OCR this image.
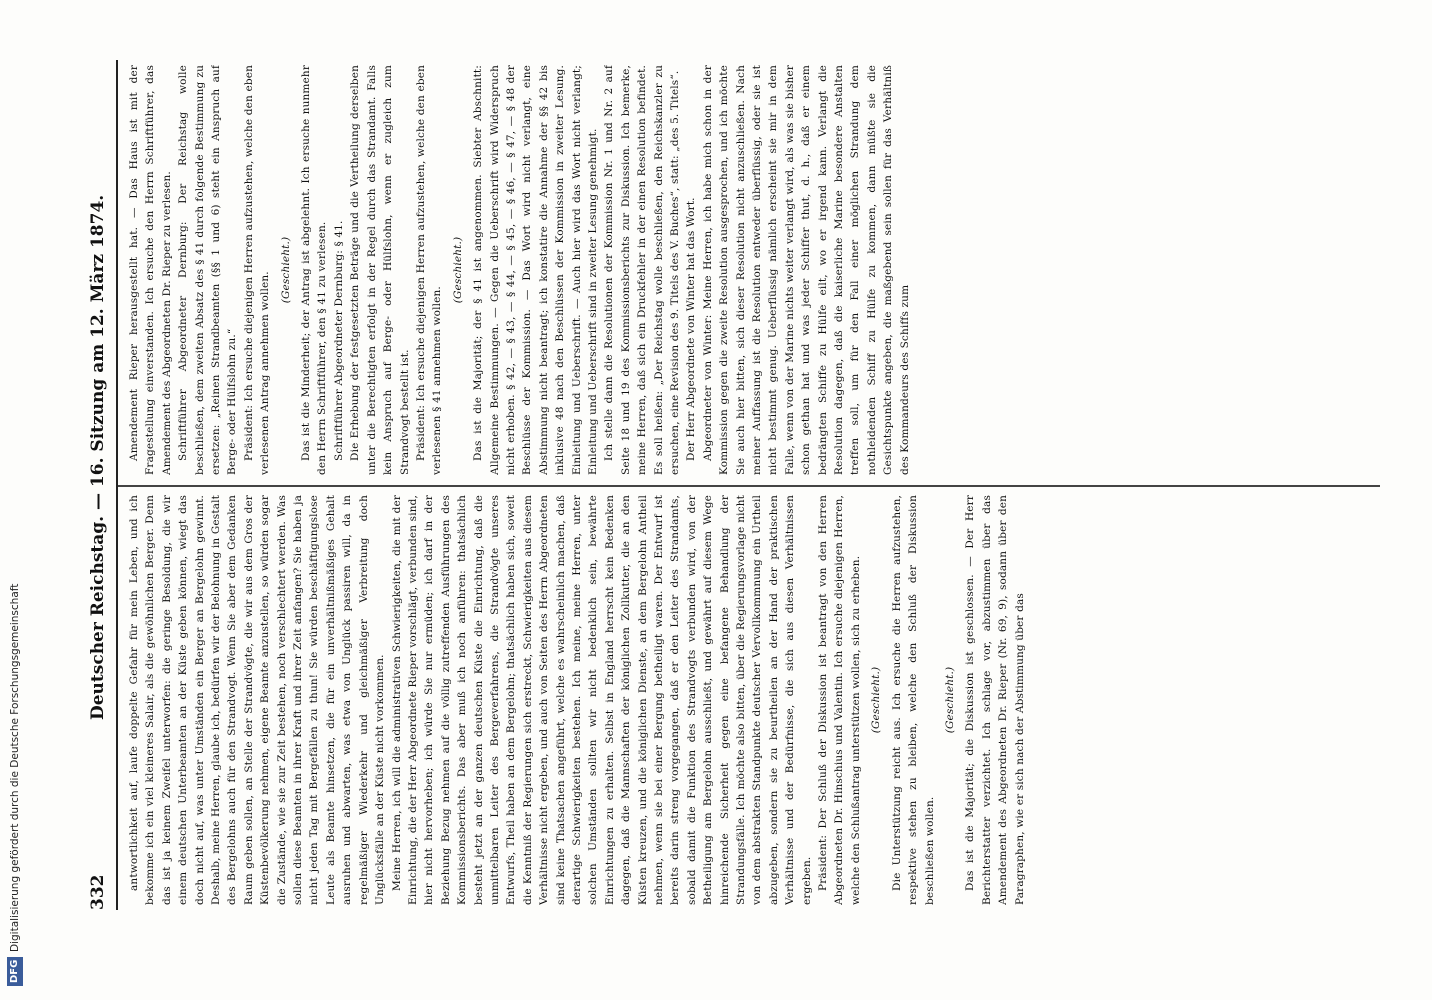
332
Deutscher Reichstag. — 16. Sitzung am 12. März 1874. antwortlichkeit auf, laufe doppelte Gefahr für mein Leben, und ich bekomme ich ein viel kleineres Salair, als die gewöhnlichen Berger. Denn das ist ja keinem Zweifel unterworfen: die geringe Besoldung, die wir einem deutschen Unterbeamten an der Küste geben können, wiegt das doch nicht auf, was unter Umständen ein Berger an Bergelohn gewinnt. Deshalb, meine Herren, glaube ich, bedürfen wir der Belohnung in Gestalt des Bergelohns auch für den Strandvogt. Wenn Sie aber dem Gedanken Raum geben sollen, an Stelle der Strandvögte, die wir aus dem Gros der Küstenbevölkerung nehmen, eigene Beamte anzustellen, so würden sogar die Zustände, wie sie zur Zeit bestehen, noch verschlechtert werden. Was sollen diese Beamten in ihrer Kraft und ihrer Zeit anfangen? Sie haben ja nicht jeden Tag mit Bergefällen zu thun! Sie würden beschäftigungslose Leute als Beamte hinsetzen, die für ein unverhältnißmäßiges Gehalt ausruhen und abwarten, was etwa von Unglück passiren will, da in regelmäßiger Wiederkehr und gleichmäßiger Verbreitung doch Unglücksfälle an der Küste nicht vorkommen. Meine Herren, ich will die administrativen Schwierigkeiten, die mit der Einrichtung, die der Herr Abgeordnete Rieper vorschlägt, verbunden sind, hier nicht hervorheben; ich würde Sie nur ermüden; ich darf in der Beziehung Bezug nehmen auf die völlig zutreffenden Ausführungen des Kommissionsberichts. Das aber muß ich noch anführen: thatsächlich besteht jetzt an der ganzen deutschen Küste die Einrichtung, daß die unmittelbaren Leiter des Bergeverfahrens, die Strandvögte unseres Entwurfs, Theil haben an dem Bergelohn; thatsächlich haben sich, soweit die Kenntniß der Regierungen sich erstreckt, Schwierigkeiten aus diesem Verhältnisse nicht ergeben, und auch von Seiten des Herrn Abgeordneten sind keine Thatsachen angeführt, welche es wahrscheinlich machen, daß derartige Schwierigkeiten bestehen. Ich meine, meine Herren, unter solchen Umständen sollten wir nicht bedenklich sein, bewährte Einrichtungen zu erhalten. Selbst in England herrscht kein Bedenken dagegen, daß die Mannschaften der königlichen Zollkutter, die an den Küsten kreuzen, und die königlichen Dienste, an dem Bergelohn Antheil nehmen, wenn sie bei einer Bergung betheiligt waren. Der Entwurf ist bereits darin streng vorgegangen, daß er den Leiter des Strandamts, sobald damit die Funktion des Strandvogts verbunden wird, von der Betheiligung am Bergelohn ausschließt, und gewährt auf diesem Wege hinreichende Sicherheit gegen eine befangene Behandlung der Strandungsfälle. Ich möchte also bitten, über die Regierungsvorlage nicht von dem abstrakten Standpunkte deutscher Vervollkommnung ein Urtheil abzugeben, sondern sie zu beurtheilen an der Hand der praktischen Verhältnisse und der Bedürfnisse, die sich aus diesen Verhältnissen ergeben. Präsident: Der Schluß der Diskussion ist beantragt von den Herren Abgeordneten Dr. Hinschius und Valentin. Ich ersuche diejenigen Herren, welche den Schlußantrag unterstützen wollen, sich zu erheben. (Geschieht.) Die Unterstützung reicht aus. Ich ersuche die Herren aufzustehen, respektive stehen zu bleiben, welche den Schluß der Diskussion beschließen wollen.

(Geschieht.) Das ist die Majorität; die Diskussion ist geschlossen. — Der Herr Berichterstatter verzichtet. Ich schlage vor, abzustimmen über das Amendement des Abgeordneten Dr. Rieper (Nr. 69, 9), sodann über den Paragraphen, wie er sich nach der Abstimmung über das

Amendement Rieper herausgestellt hat. — Das Haus ist mit der Fragestellung einverstanden. Ich ersuche den Herrn Schriftführer, das Amendement des Abgeordneten Dr. Rieper zu verlesen. Schriftführer Abgeordneter Dernburg: Der Reichstag wolle beschließen, dem zweiten Absatz des § 41 durch folgende Bestimmung zu ersetzen: „Reinen Strandbeamten (§§ 1 und 6) steht ein Anspruch auf Berge- oder Hülfslohn zu.“ Präsident: Ich ersuche diejenigen Herren aufzustehen, welche den eben verlesenen Antrag annehmen wollen.

(Geschieht.) Das ist die Minderheit; der Antrag ist abgelehnt. Ich ersuche nunmehr den Herrn Schriftführer, den § 41 zu verlesen. Schriftführer Abgeordneter Dernburg: § 41. Die Erhebung der festgesetzten Beträge und die Vertheilung derselben unter die Berechtigten erfolgt in der Regel durch das Strandamt. Falls kein Anspruch auf Berge- oder Hülfslohn, wenn er zugleich zum Strandvogt bestellt ist. Präsident: Ich ersuche diejenigen Herren aufzustehen, welche den eben verlesenen § 41 annehmen wollen.

(Geschieht.) Das ist die Majorität; der § 41 ist angenommen. Siebter Abschnitt: Allgemeine Bestimmungen. — Gegen die Ueberschrift wird Widerspruch nicht erhoben. § 42, — § 43, — § 44, — § 45, — § 46, — § 47, — § 48 der Beschlüsse der Kommission. — Das Wort wird nicht verlangt, eine Abstimmung nicht beantragt; ich konstatire die Annahme der §§ 42 bis inklusive 48 nach den Beschlüssen der Kommission in zweiter Lesung. Einleitung und Ueberschrift. — Auch hier wird das Wort nicht verlangt; Einleitung und Ueberschrift sind in zweiter Lesung genehmigt. Ich stelle dann die Resolutionen der Kommission Nr. 1 und Nr. 2 auf Seite 18 und 19 des Kommissionsberichts zur Diskussion. Ich bemerke, meine Herren, daß sich ein Druckfehler in der einen Resolution befindet. Es soll heißen: „Der Reichstag wolle beschließen, den Reichskanzler zu ersuchen, eine Revision des 9. Titels des V. Buches“, statt: „des 5. Titels“. Der Herr Abgeordnete von Winter hat das Wort. Abgeordneter von Winter: Meine Herren, ich habe mich schon in der Kommission gegen die zweite Resolution ausgesprochen, und ich möchte Sie auch hier bitten, sich dieser Resolution nicht anzuschließen. Nach meiner Auffassung ist die Resolution entweder überflüssig, oder sie ist nicht bestimmt genug. Ueberflüssig nämlich erscheint sie mir in dem Falle, wenn von der Marine nichts weiter verlangt wird, als was sie bisher schon gethan hat und was jeder Schiffer thut, d. h., daß er einem bedrängten Schiffe zu Hülfe eilt, wo er irgend kann. Verlangt die Resolution dagegen, daß die kaiserliche Marine besondere Anstalten treffen soll, um für den Fall einer möglichen Strandung dem nothleidenden Schiff zu Hülfe zu kommen, dann müßte sie die Gesichtspunkte angeben, die maßgebend sein sollen für das Verhältniß des Kommandeurs des Schiffs zum

DFG
Digitalisierung gefördert durch die Deutsche Forschungsgemeinschaft
